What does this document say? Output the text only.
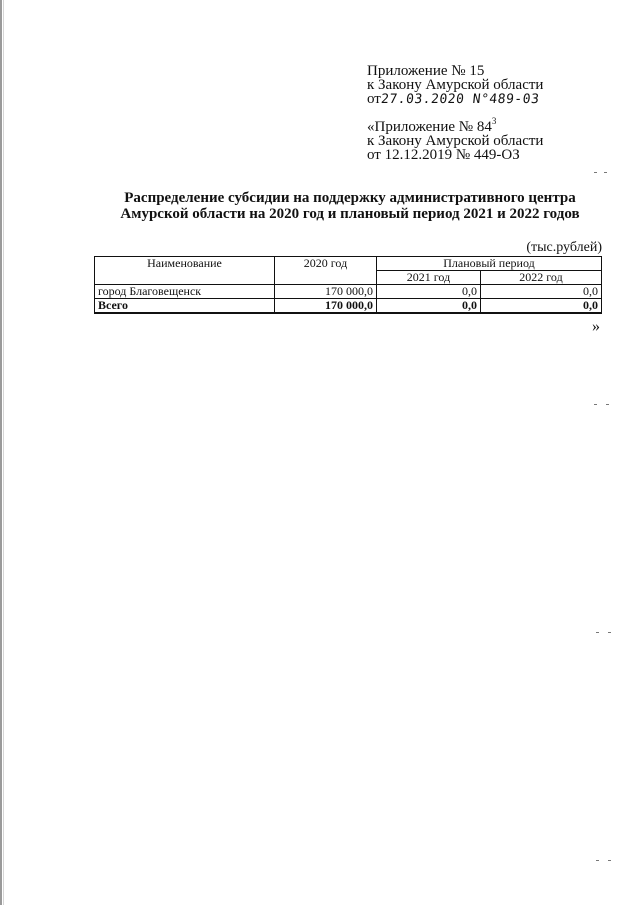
Приложение № 15
к Закону Амурской области
от27.03.2020 N°489-03
«Приложение № $84^3$
к Закону Амурской области
от 12.12.2019 № 449-ОЗ
Распределение субсидии на поддержку административного центра
Амурской области на 2020 год и плановый период 2021 и 2022 годов
(тыс.рублей)
Наименование	2020 год	Плановый период	
		2021 год	2022 год
город Благовещенск	170 000,0	0,0	0,0
Всего	170 000,0	0,0	0,0
»
